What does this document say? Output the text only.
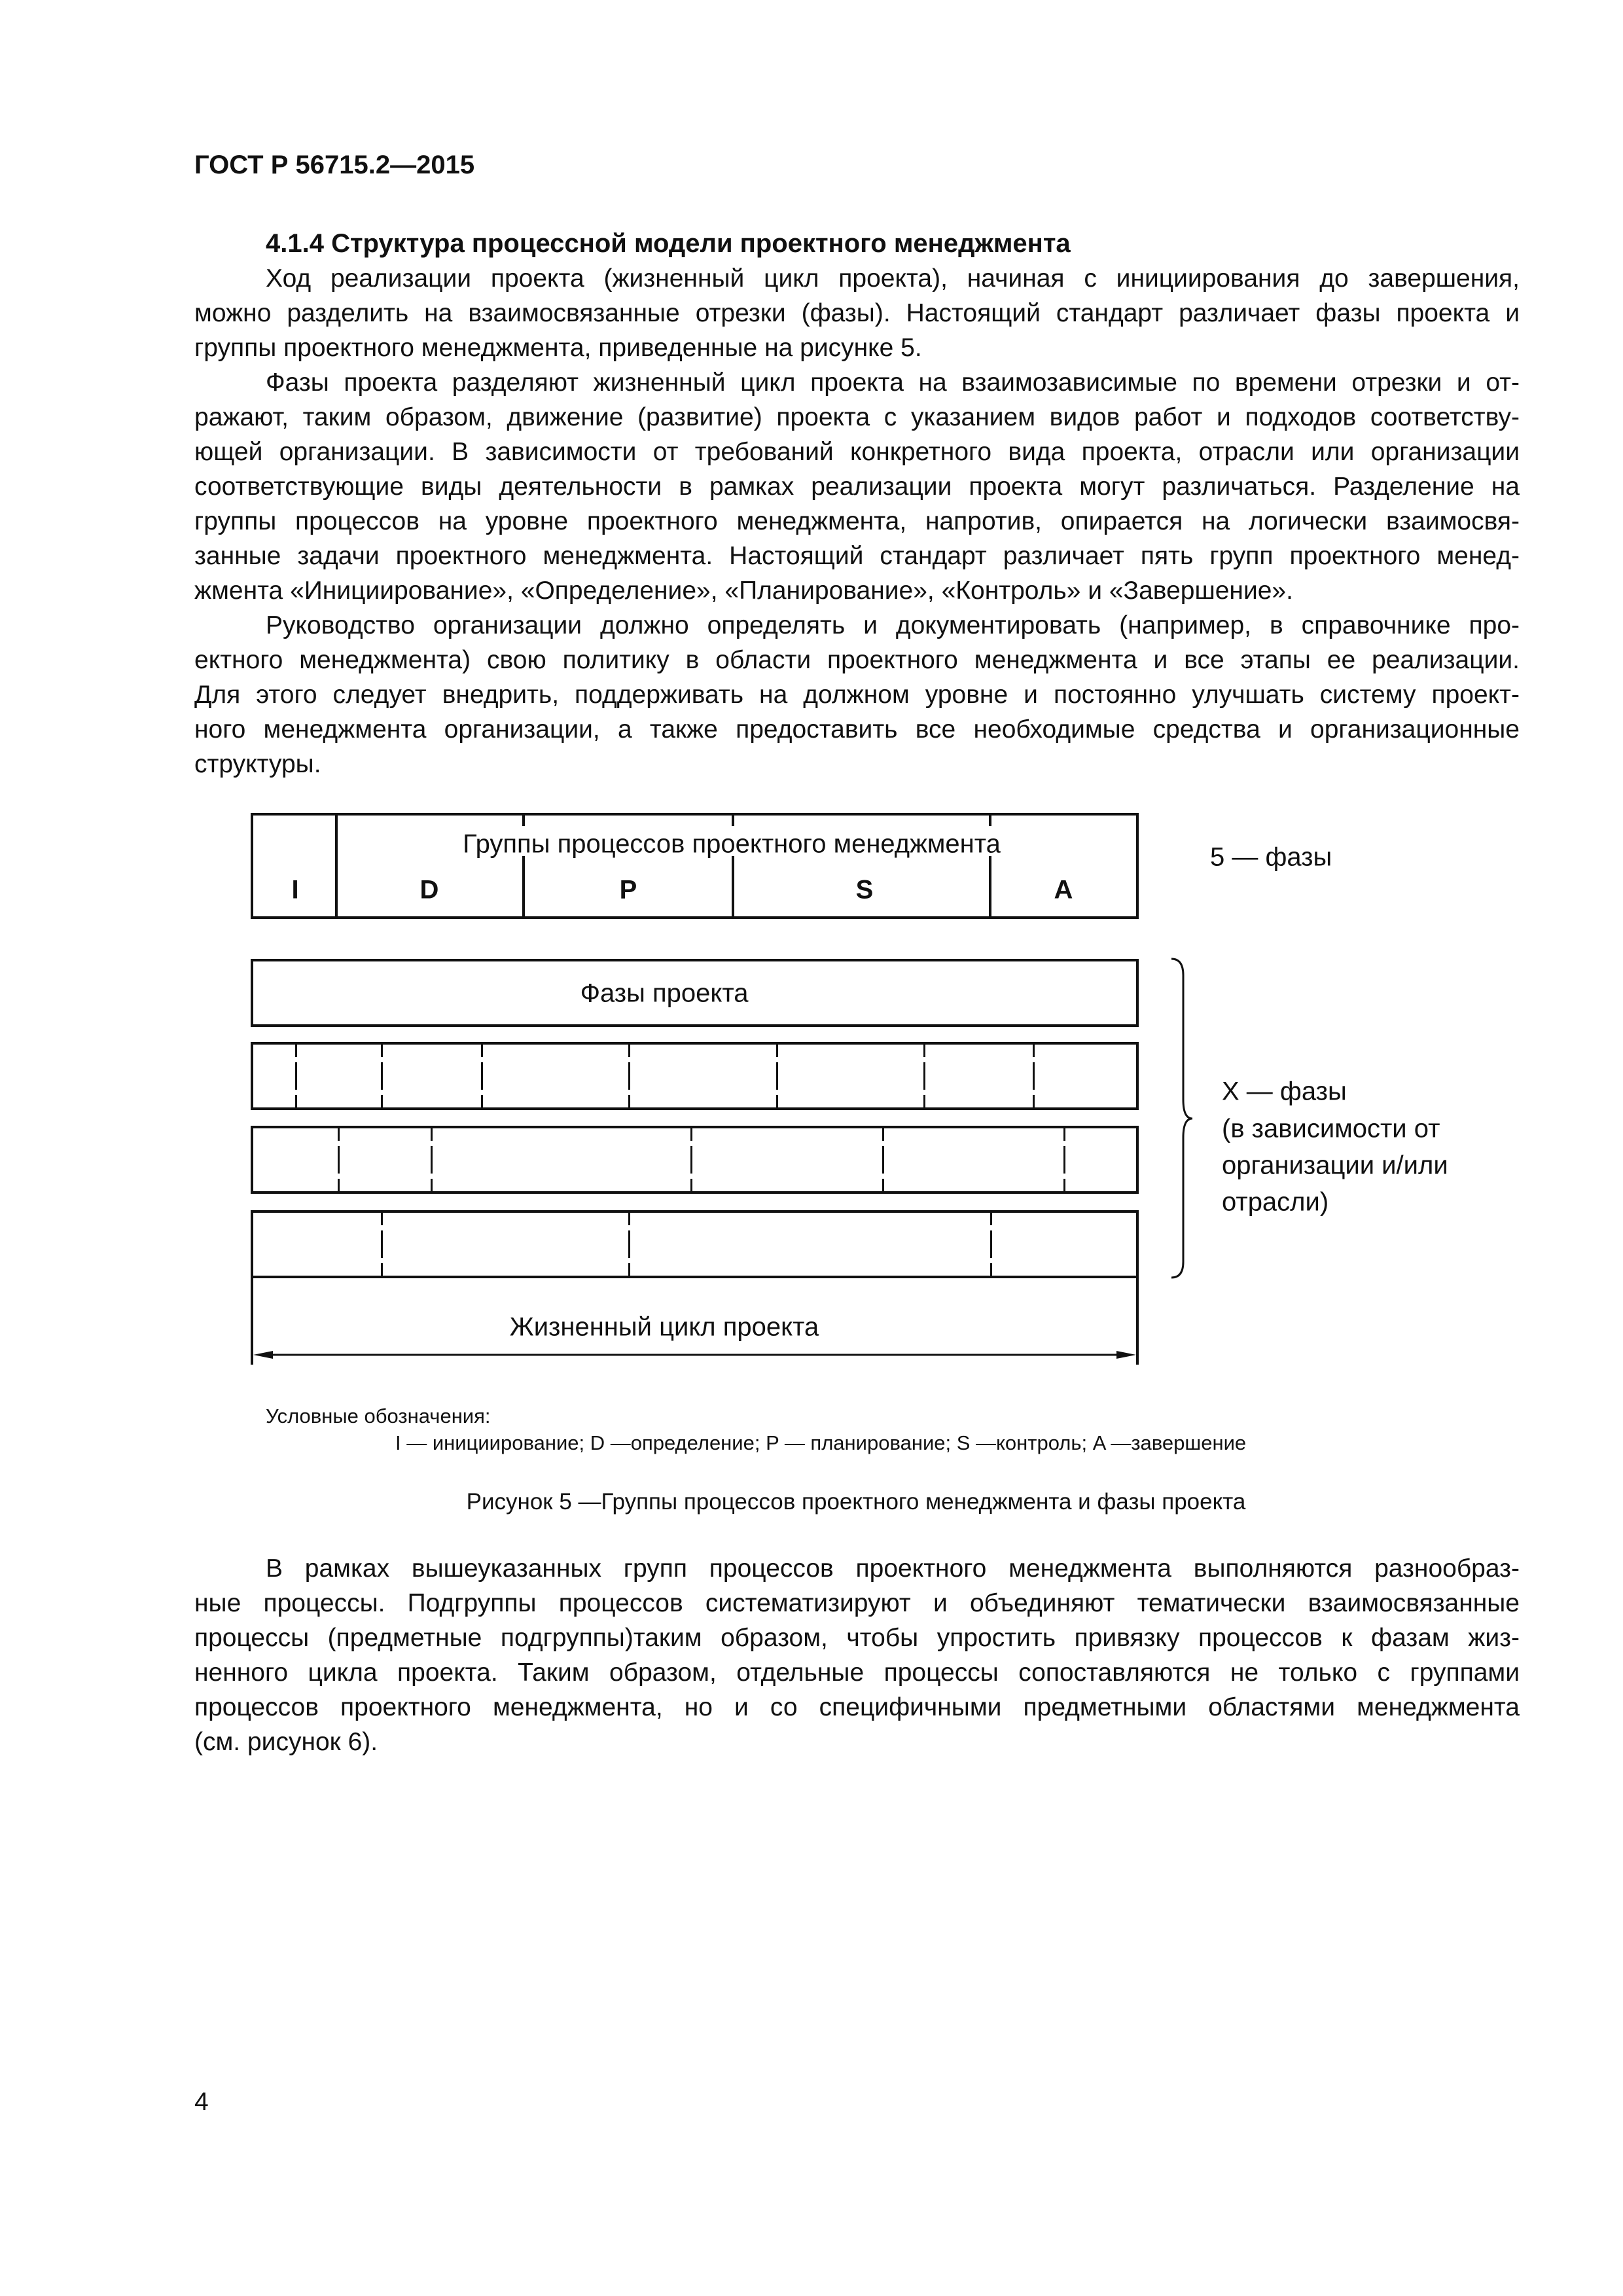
ГОСТ Р 56715.2—2015
4.1.4 Структура процессной модели проектного менеджмента
Ход реализации проекта (жизненный цикл проекта), начиная с инициирования до завершения,
можно разделить на взаимосвязанные отрезки (фазы). Настоящий стандарт различает фазы проекта и
группы проектного менеджмента, приведенные на рисунке 5.
Фазы проекта разделяют жизненный цикл проекта на взаимозависимые по времени отрезки и от-
ражают, таким образом, движение (развитие) проекта с указанием видов работ и подходов соответству-
ющей организации. В зависимости от требований конкретного вида проекта, отрасли или организации
соответствующие виды деятельности в рамках реализации проекта могут различаться. Разделение на
группы процессов на уровне проектного менеджмента, напротив, опирается на логически взаимосвя-
занные задачи проектного менеджмента. Настоящий стандарт различает пять групп проектного менед-
жмента «Инициирование», «Определение», «Планирование», «Контроль» и «Завершение».
Руководство организации должно определять и документировать (например, в справочнике про-
ектного менеджмента) свою политику в области проектного менеджмента и все этапы ее реализации.
Для этого следует внедрить, поддерживать на должном уровне и постоянно улучшать систему проект-
ного менеджмента организации, а также предоставить все необходимые средства и организационные
структуры.
Группы процессов проектного менеджмента
I	D	P	S	A
5 — фазы
Фазы проекта
Жизненный цикл проекта
X — фазы
(в зависимости от
организации и/или
отрасли)
Условные обозначения:
I — инициирование; D —определение; P — планирование; S —контроль; A —завершение
Рисунок 5 —Группы процессов проектного менеджмента и фазы проекта
В рамках вышеуказанных групп процессов проектного менеджмента выполняются разнообраз-
ные процессы. Подгруппы процессов систематизируют и объединяют тематически взаимосвязанные
процессы (предметные подгруппы)таким образом, чтобы упростить привязку процессов к фазам жиз-
ненного цикла проекта. Таким образом, отдельные процессы сопоставляются не только с группами
процессов проектного менеджмента, но и со специфичными предметными областями менеджмента
(см. рисунок 6).
4
